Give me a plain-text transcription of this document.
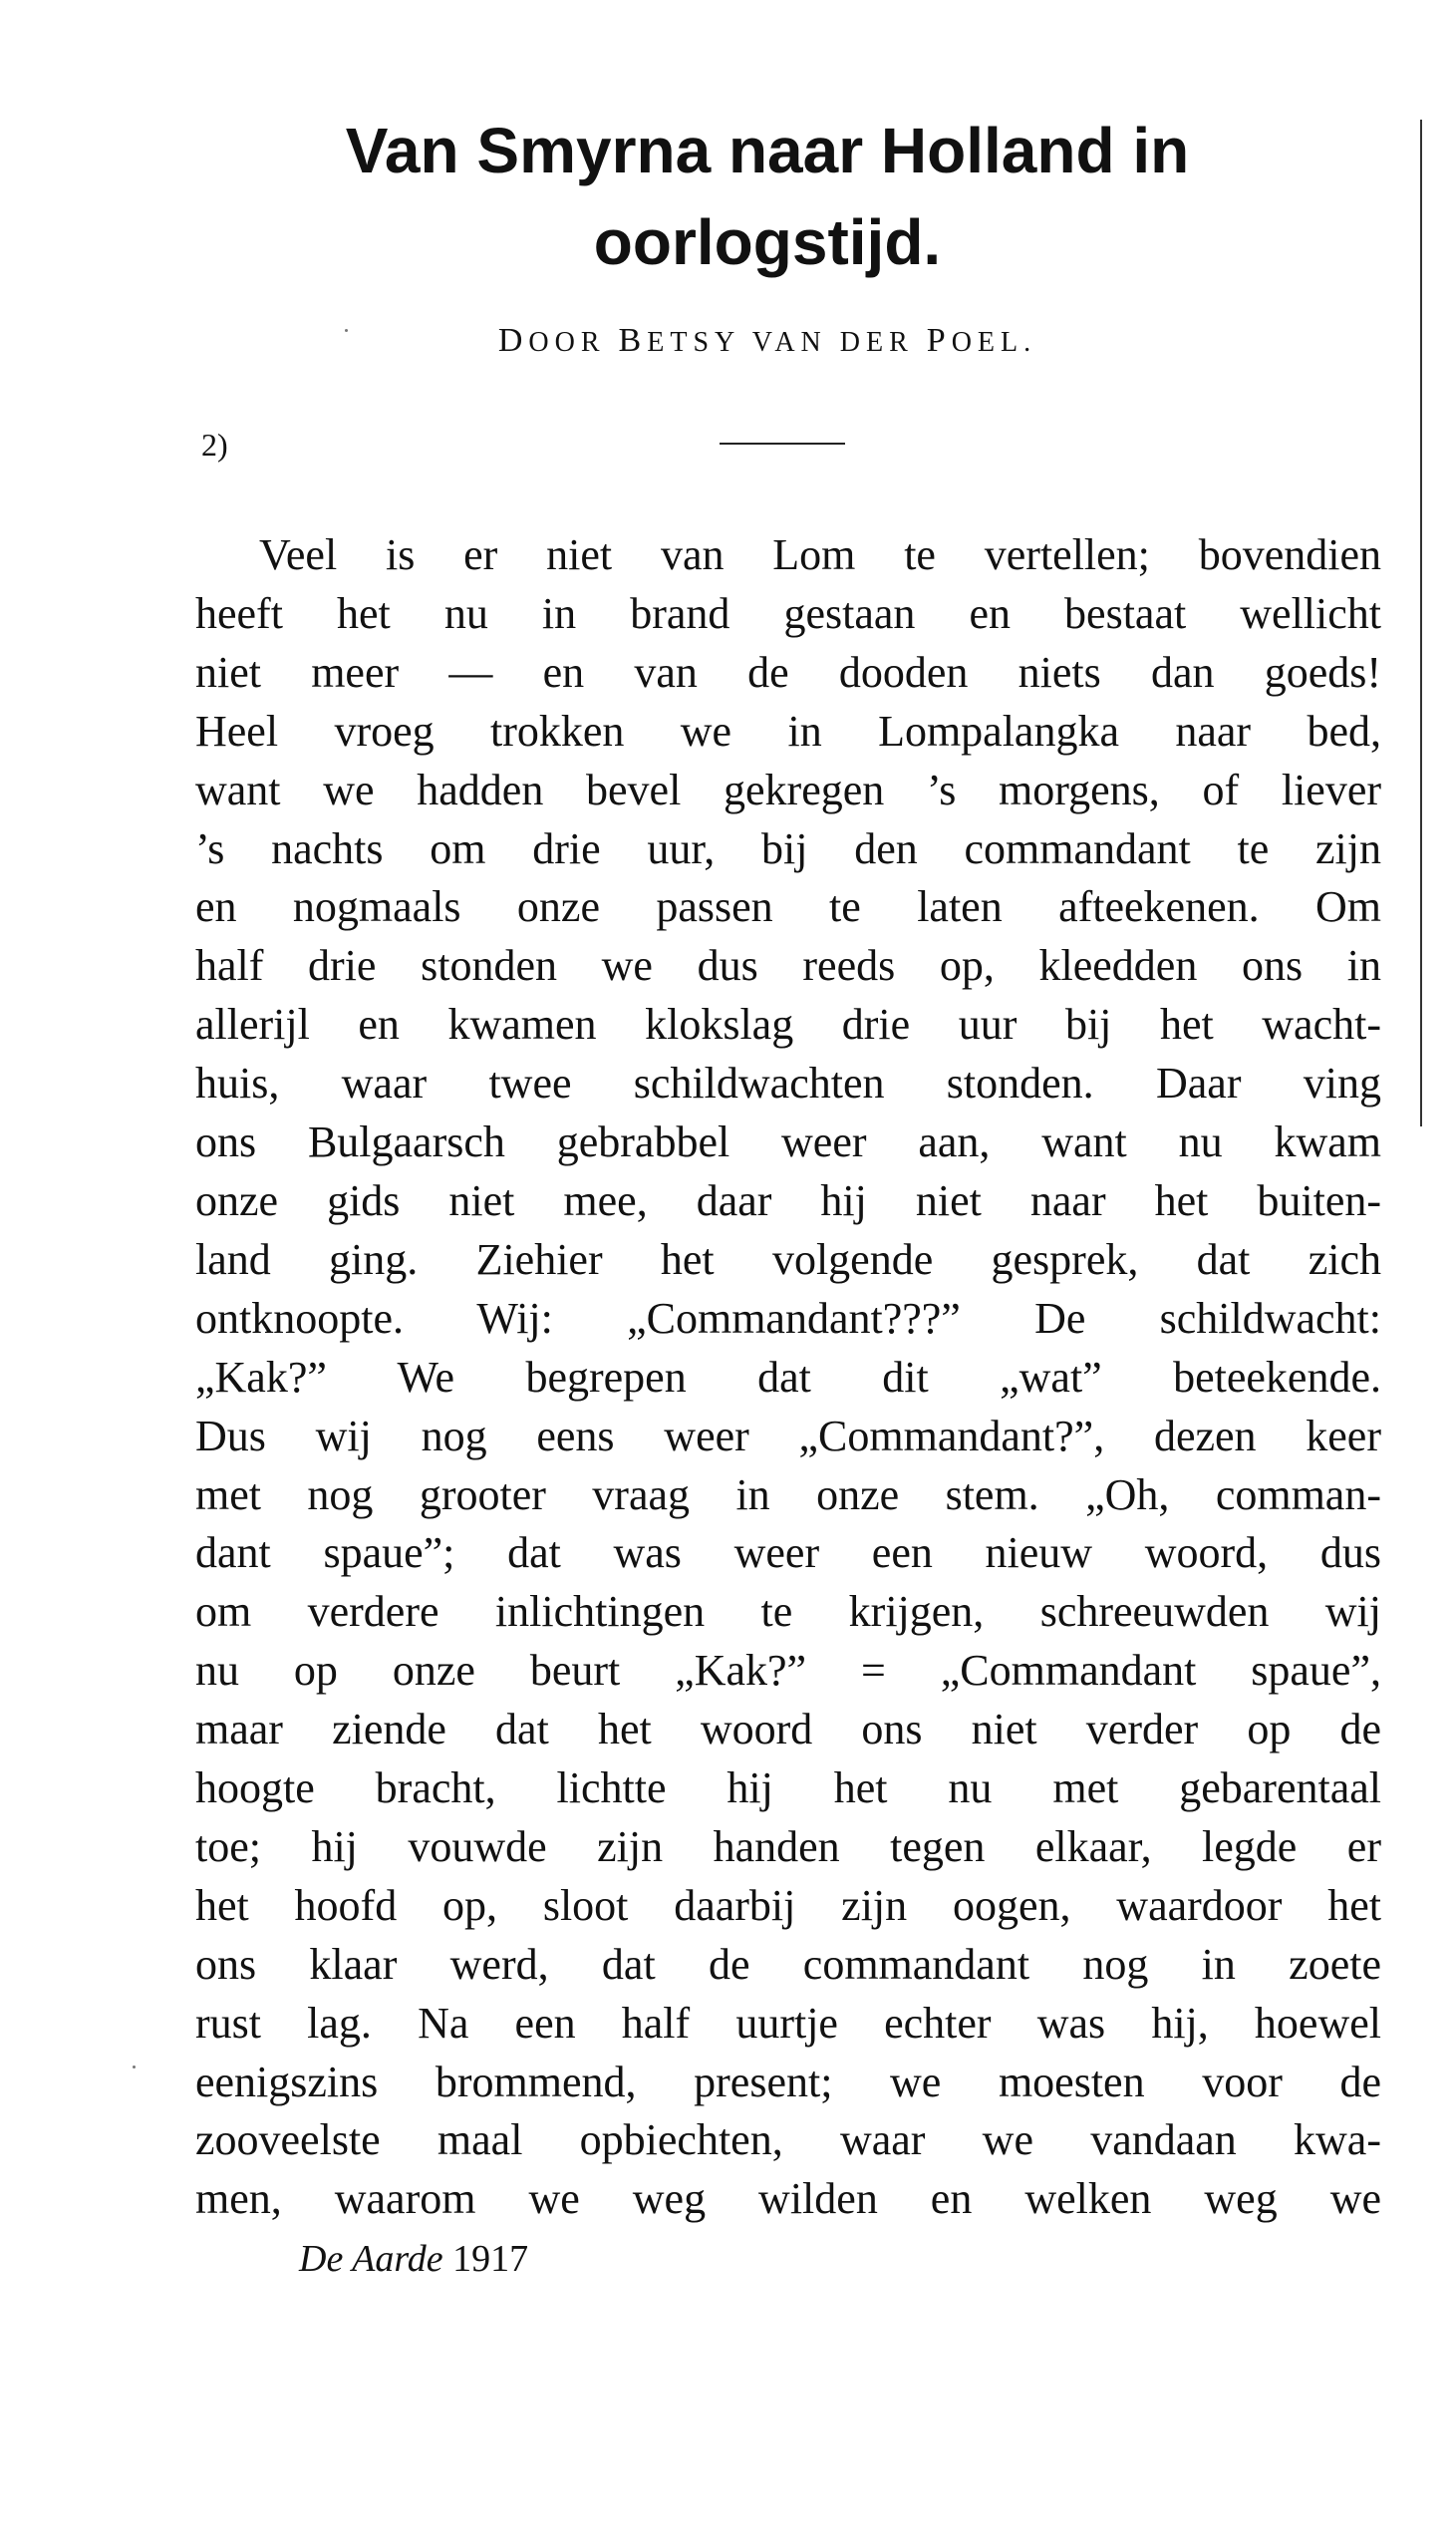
Van Smyrna naar Holland in
oorlogstijd.
DOOR BETSY VAN DER POEL.
2)
Veel is er niet van Lom te vertellen; bovendien
heeft het nu in brand gestaan en bestaat wellicht
niet meer — en van de dooden niets dan goeds!
Heel vroeg trokken we in Lompalangka naar bed,
want we hadden bevel gekregen ’s morgens, of liever
’s nachts om drie uur, bij den commandant te zijn
en nogmaals onze passen te laten afteekenen. Om
half drie stonden we dus reeds op, kleedden ons in
allerijl en kwamen klokslag drie uur bij het wacht-
huis, waar twee schildwachten stonden. Daar ving
ons Bulgaarsch gebrabbel weer aan, want nu kwam
onze gids niet mee, daar hij niet naar het buiten-
land ging. Ziehier het volgende gesprek, dat zich
ontknoopte. Wij: „Commandant???” De schildwacht:
„Kak?” We begrepen dat dit „wat” beteekende.
Dus wij nog eens weer „Commandant?”, dezen keer
met nog grooter vraag in onze stem. „Oh, comman-
dant spaue”; dat was weer een nieuw woord, dus
om verdere inlichtingen te krijgen, schreeuwden wij
nu op onze beurt „Kak?” = „Commandant spaue”,
maar ziende dat het woord ons niet verder op de
hoogte bracht, lichtte hij het nu met gebarentaal
toe; hij vouwde zijn handen tegen elkaar, legde er
het hoofd op, sloot daarbij zijn oogen, waardoor het
ons klaar werd, dat de commandant nog in zoete
rust lag. Na een half uurtje echter was hij, hoewel
eenigszins brommend, present; we moesten voor de
zooveelste maal opbiechten, waar we vandaan kwa-
men, waarom we weg wilden en welken weg we
De Aarde 1917
